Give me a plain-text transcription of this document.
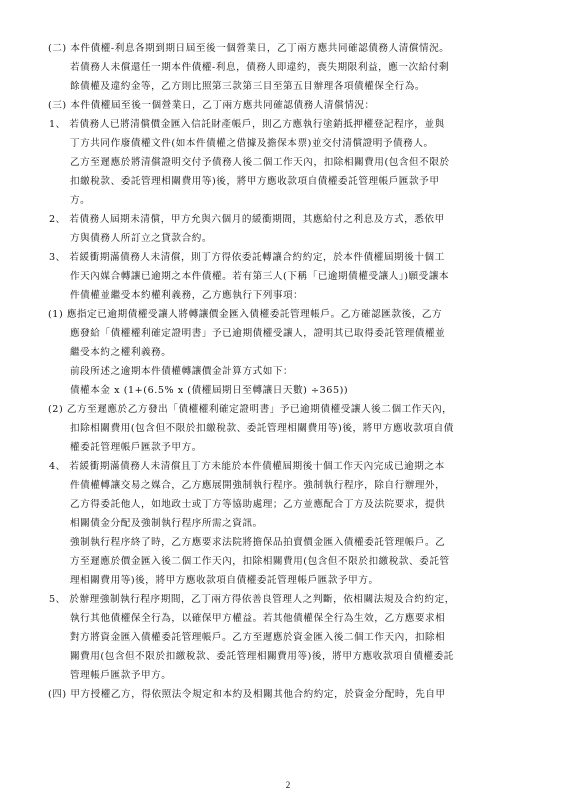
(二) 本件債權-利息各期到期日屆至後一個營業日，乙丁兩方應共同確認債務人清償情況。
若債務人未償還任一期本件債權-利息，債務人即違約，喪失期限利益，應一次給付剩
餘債權及違約金等，乙方則比照第三款第三目至第五目辦理各項債權保全行為。
(三) 本件債權屆至後一個營業日，乙丁兩方應共同確認債務人清償情況：
1、 若債務人已將清償價金匯入信託財產帳戶，則乙方應執行塗銷抵押權登記程序，並與
丁方共同作廢債權文件(如本件債權之借據及擔保本票)並交付清償證明予債務人。
乙方至遲應於將清償證明交付予債務人後二個工作天內，扣除相關費用(包含但不限於
扣繳稅款、委託管理相關費用等)後，將甲方應收款項自債權委託管理帳戶匯款予甲
方。
2、 若債務人屆期未清償，甲方允與六個月的緩衝期間，其應給付之利息及方式，悉依甲
方與債務人所訂立之貸款合約。
3、 若緩衝期滿債務人未清償，則丁方得依委託轉讓合約約定，於本件債權屆期後十個工
作天內媒合轉讓已逾期之本件債權。若有第三人(下稱「已逾期債權受讓人」)願受讓本
件債權並繼受本約權利義務，乙方應執行下列事項：
(1) 應指定已逾期債權受讓人將轉讓價金匯入債權委託管理帳戶。乙方確認匯款後，乙方
應發給「債權權利確定證明書」予已逾期債權受讓人，證明其已取得委託管理債權並
繼受本約之權利義務。
前段所述之逾期本件債權轉讓價金計算方式如下：
債權本金 x (1+(6.5% x (債權屆期日至轉讓日天數) ÷365))
(2) 乙方至遲應於乙方發出「債權權利確定證明書」予已逾期債權受讓人後二個工作天內，
扣除相關費用(包含但不限於扣繳稅款、委託管理相關費用等)後，將甲方應收款項自債
權委託管理帳戶匯款予甲方。
4、 若緩衝期滿債務人未清償且丁方未能於本件債權屆期後十個工作天內完成已逾期之本
件債權轉讓交易之媒合，乙方應展開強制執行程序。強制執行程序，除自行辦理外，
乙方得委託他人，如地政士或丁方等協助處理；乙方並應配合丁方及法院要求，提供
相關債金分配及強制執行程序所需之資訊。
強制執行程序終了時，乙方應要求法院將擔保品拍賣價金匯入債權委託管理帳戶。乙
方至遲應於價金匯入後二個工作天內，扣除相關費用(包含但不限於扣繳稅款、委託管
理相關費用等)後，將甲方應收款項自債權委託管理帳戶匯款予甲方。
5、 於辦理強制執行程序期間，乙丁兩方得依善良管理人之判斷，依相關法規及合約約定，
執行其他債權保全行為，以確保甲方權益。若其他債權保全行為生效，乙方應要求相
對方將資金匯入債權委託管理帳戶。乙方至遲應於資金匯入後二個工作天內，扣除相
關費用(包含但不限於扣繳稅款、委託管理相關費用等)後，將甲方應收款項自債權委託
管理帳戶匯款予甲方。
(四) 甲方授權乙方，得依照法令規定和本約及相關其他合約約定，於資金分配時，先自甲
2
